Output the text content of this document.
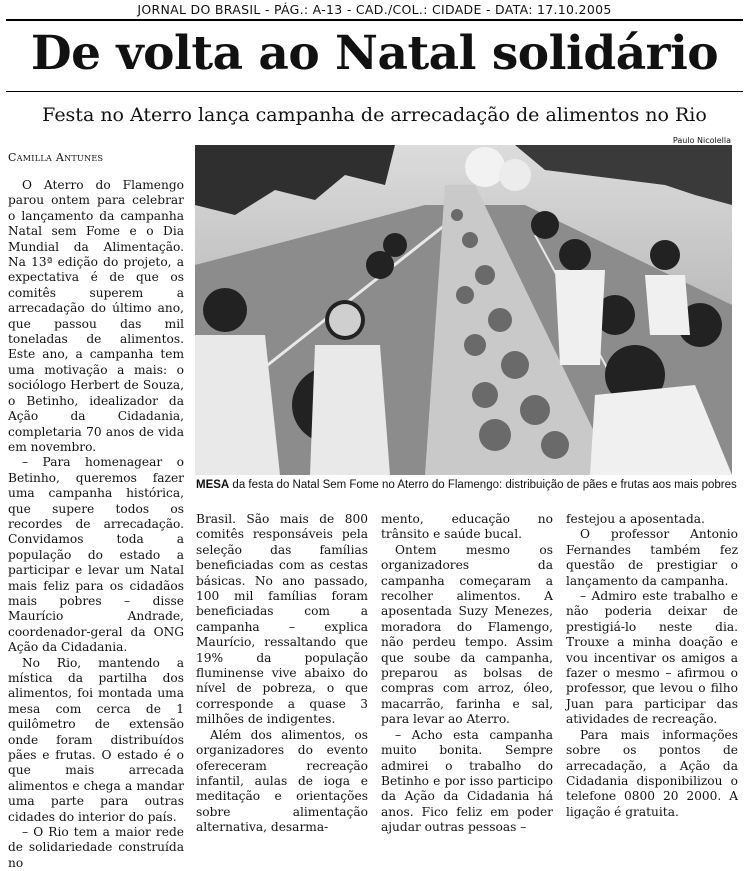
JORNAL DO BRASIL - PÁG.: A-13 - CAD./COL.: CIDADE - DATA: 17.10.2005
De volta ao Natal solidário
Festa no Aterro lança campanha de arrecadação de alimentos no Rio
Paulo Nicolella
Camilla Antunes

O Aterro do Flamengo parou ontem para celebrar o lançamento da campanha Natal sem Fome e o Dia Mundial da Alimentação. Na 13ª edição do projeto, a expectativa é de que os comitês superem a arrecadação do último ano, que passou das mil toneladas de alimentos. Este ano, a campanha tem uma motivação a mais: o sociólogo Herbert de Souza, o Betinho, idealizador da Ação da Cidadania, completaria 70 anos de vida em novembro.

– Para homenagear o Betinho, queremos fazer uma campanha histórica, que supere todos os recordes de arrecadação. Convidamos toda a população do estado a participar e levar um Natal mais feliz para os cidadãos mais pobres – disse Maurício Andrade, coordenador-geral da ONG Ação da Cidadania.

No Rio, mantendo a mística da partilha dos alimentos, foi montada uma mesa com cerca de 1 quilômetro de extensão onde foram distribuídos pães e frutas. O estado é o que mais arrecada alimentos e chega a mandar uma parte para outras cidades do interior do país.

– O Rio tem a maior rede de solidariedade construída no

MESA da festa do Natal Sem Fome no Aterro do Flamengo: distribuição de pães e frutas aos mais pobres

Brasil. São mais de 800 comitês responsáveis pela seleção das famílias beneficiadas com as cestas básicas. No ano passado, 100 mil famílias foram beneficiadas com a campanha – explica Maurício, ressaltando que 19% da população fluminense vive abaixo do nível de pobreza, o que corresponde a quase 3 milhões de indigentes.

Além dos alimentos, os organizadores do evento ofereceram recreação infantil, aulas de ioga e meditação e orientações sobre alimentação alternativa, desarma-

mento, educação no trânsito e saúde bucal.

Ontem mesmo os organizadores da campanha começaram a recolher alimentos. A aposentada Suzy Menezes, moradora do Flamengo, não perdeu tempo. Assim que soube da campanha, preparou as bolsas de compras com arroz, óleo, macarrão, farinha e sal, para levar ao Aterro.

– Acho esta campanha muito bonita. Sempre admirei o trabalho do Betinho e por isso participo da Ação da Cidadania há anos. Fico feliz em poder ajudar outras pessoas –

festejou a aposentada.

O professor Antonio Fernandes também fez questão de prestigiar o lançamento da campanha.

– Admiro este trabalho e não poderia deixar de prestigiá-lo neste dia. Trouxe a minha doação e vou incentivar os amigos a fazer o mesmo – afirmou o professor, que levou o filho Juan para participar das atividades de recreação.

Para mais informações sobre os pontos de arrecadação, a Ação da Cidadania disponibilizou o telefone 0800 20 2000. A ligação é gratuita.
